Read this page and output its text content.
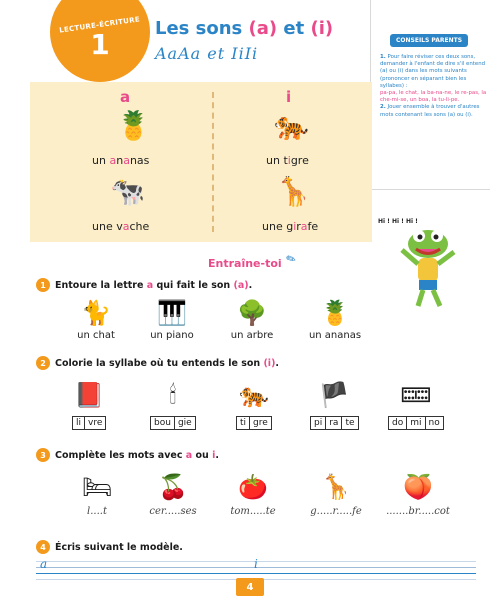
LECTURE-ÉCRITURE
1	Les sons (a) et (i)
AaAa et IiIi
CONSEILS PARENTS
1. Pour faire réviser ces deux sons, demander à l'enfant de dire s'il entend (a) ou (i) dans les mots suivants (prononcer en séparant bien les syllabes) :
pa-pa, le chat, la ba-na-ne, le re-pas, la che-mi-se, un boa, la tu-li-pe.
2. Jouer ensemble à trouver d'autres mots contenant les sons (a) ou (i).
a	i
🍍
un ananas
🐅
un tigre
🐄
une vache
🦒
une girafe
Entraîne-toi ✏
Hi ! Hi ! Hi !
1 Entoure la lettre
a
qui fait le son
(a) .
🐈
un chat
🎹
un piano
🌳
un arbre
🍍
un ananas
2 Colorie la syllabe où tu entends le son
(i) .
📕
li vre
🕯
bou gie
🐅
ti gre
🏴
pi ra te
🁡
do mi no
3 Complète les mots avec
a
ou
i .
🛏
l....t
🍒
cer.....ses
🍅
tom.....te
🦒
g.....r.....fe
🍑
.......br.....cot
4 Écris suivant le modèle.
a	i
4
